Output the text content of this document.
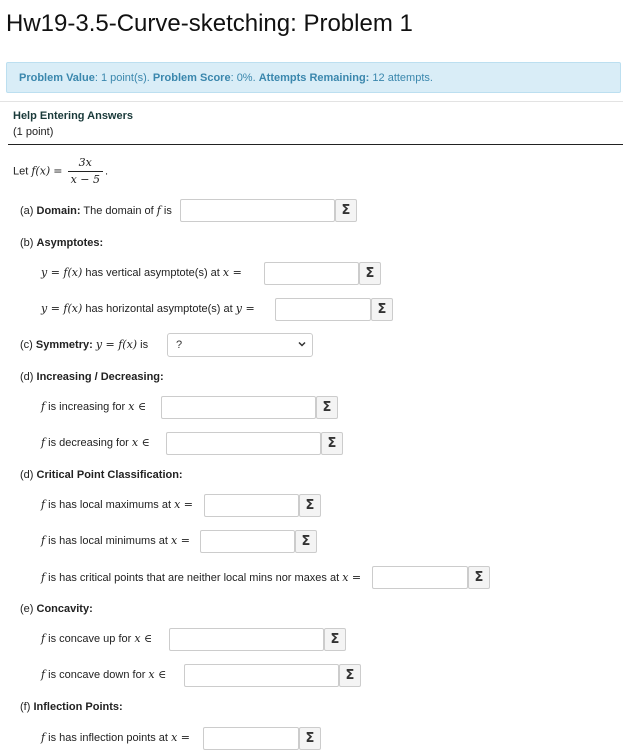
Hw19-3.5-Curve-sketching: Problem 1
Problem Value: 1 point(s). Problem Score: 0%. Attempts Remaining: 12 attempts.
Help Entering Answers
(1 point)
Let $f(x) = \frac{3x}{x - 5}$ .
(a) Domain: The domain of f is	Σ
(b) Asymptotes:
y = f(x) has vertical asymptote(s) at x =	Σ
y = f(x) has horizontal asymptote(s) at y =	Σ
(c) Symmetry: y = f(x) is	?
(d) Increasing / Decreasing:
f is increasing for x ∈	Σ
f is decreasing for x ∈	Σ
(d) Critical Point Classification:
f is has local maximums at x =	Σ
f is has local minimums at x =	Σ
f is has critical points that are neither local mins nor maxes at x =	Σ
(e) Concavity:
f is concave up for x ∈	Σ
f is concave down for x ∈	Σ
(f) Inflection Points:
f is has inflection points at x =	Σ
